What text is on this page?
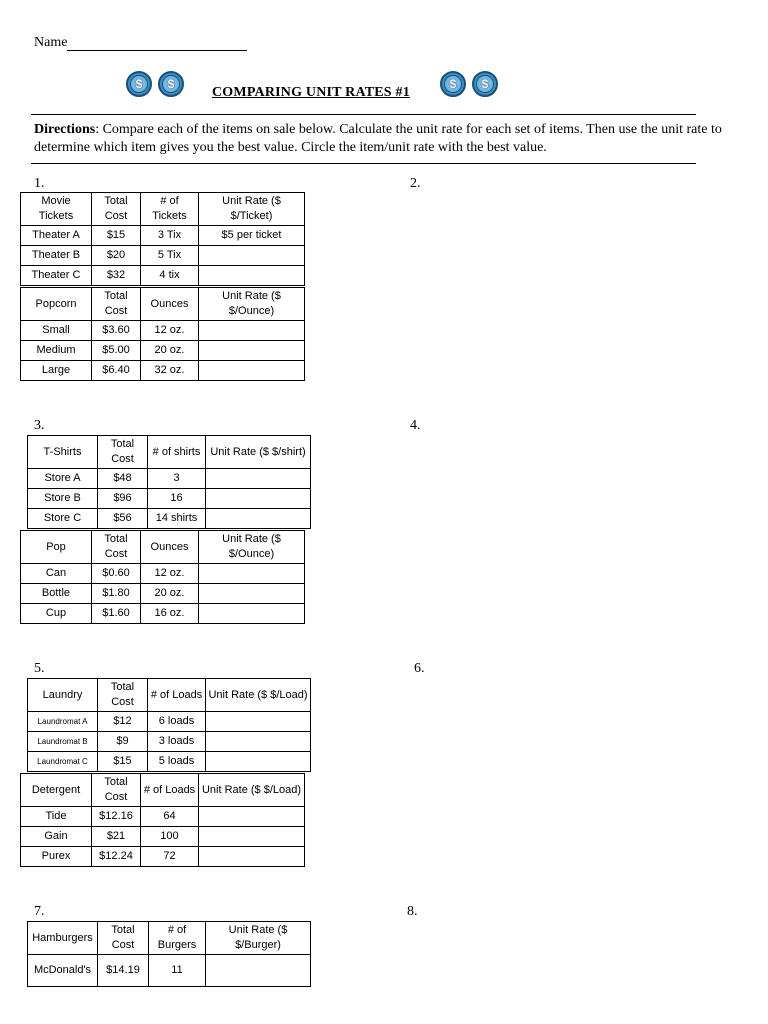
Name
$	$
COMPARING UNIT RATES #1
$	$
Directions: Compare each of the items on sale below. Calculate the unit rate for each set of items. Then use the unit rate to determine which item gives you the best value. Circle the item/unit rate with the best value.
1.	2.
3.	4.
5.	6.
7.	8.
Movie Tickets	Total Cost	# of Tickets	Unit Rate ($ $/Ticket)
Theater A	$15	3 Tix	$5 per ticket
Theater B	$20	5 Tix	
Theater C	$32	4 tix	
Popcorn	Total Cost	Ounces	Unit Rate ($ $/Ounce)
Small	$3.60	12 oz.	
Medium	$5.00	20 oz.	
Large	$6.40	32 oz.	
T-Shirts	Total Cost	# of shirts	Unit Rate ($ $/shirt)
Store A	$48	3	
Store B	$96	16	
Store C	$56	14 shirts	
Pop	Total Cost	Ounces	Unit Rate ($ $/Ounce)
Can	$0.60	12 oz.	
Bottle	$1.80	20 oz.	
Cup	$1.60	16 oz.	
Laundry	Total Cost	# of Loads	Unit Rate ($ $/Load)
Laundromat A	$12	6 loads	
Laundromat B	$9	3 loads	
Laundromat C	$15	5 loads	
Detergent	Total Cost	# of Loads	Unit Rate ($ $/Load)
Tide	$12.16	64	
Gain	$21	100	
Purex	$12.24	72	
Hamburgers	Total Cost	# of Burgers	Unit Rate ($ $/Burger)
McDonald's	$14.19	11	
